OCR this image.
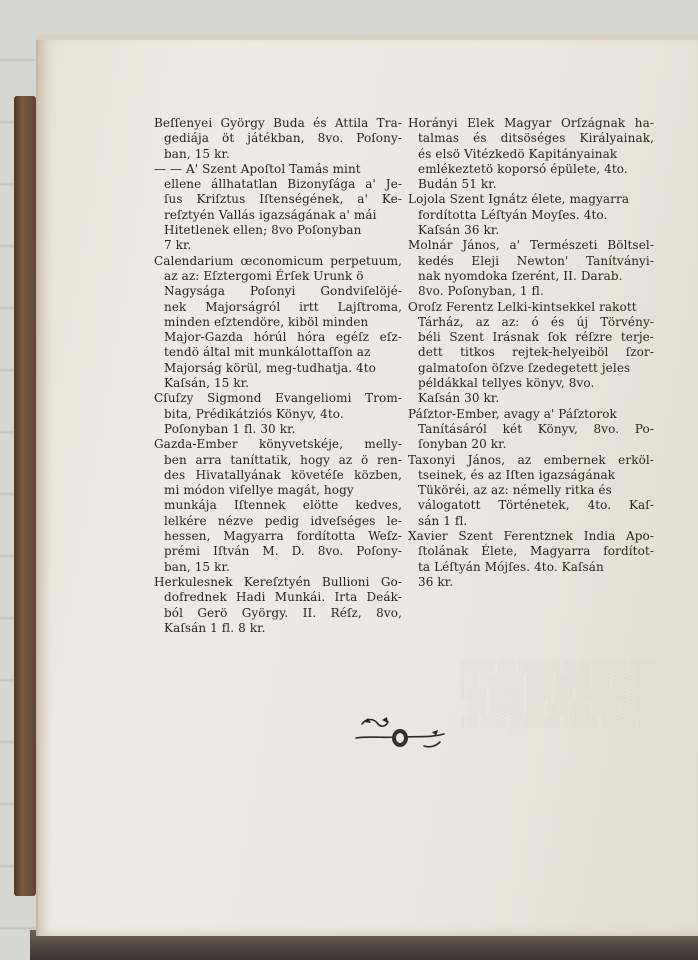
Beſſenyei György Buda és Attila Tra-
gediája öt játékban, 8vo. Poſony-
ban, 15 kr.
— — A' Szent Apoſtol Tamás mint
ellene állhatatlan Bizonyſága a' Je-
ſus Kriſztus Iſtenségének, a' Ke-
reſztyén Vallás igazságának a' mái
Hitetlenek ellen; 8vo Poſonyban
7 kr.
Calendarium œconomicum perpetuum,
az az: Eſztergomi Érſek Urunk ö
Nagysága Poſonyi Gondviſelöjé-
nek Majorságról irtt Lajſtroma,
minden eſztendöre, kiböl minden
Major-Gazda hórúl hóra egéſz eſz-
tendö által mit munkálottaſſon az
Majorság körül, meg-tudhatja. 4to
Kaſsán, 15 kr.
Cſuſzy Sigmond Evangeliomi Trom-
bita, Prédikátziós Könyv, 4to.
Poſonyban 1 fl. 30 kr.
Gazda-Ember könyvetskéje, melly-
ben arra taníttatik, hogy az ö ren-
des Hivatallyának követéſe közben,
mi módon viſellye magát, hogy
munkája Iſtennek elötte kedves,
lelkére nézve pedig idveſséges le-
hessen, Magyarra fordította Weſz-
prémi Iſtván M. D. 8vo. Poſony-
ban, 15 kr.
Herkulesnek Kereſztyén Bullioni Go-
dofrednek Hadi Munkái. Irta Deák-
ból Gerö György. II. Réſz, 8vo,
Kaſsán 1 fl. 8 kr.
Horányi Elek Magyar Orſzágnak ha-
talmas és ditsöséges Királyainak,
és elsö Vitézkedö Kapitányainak
emlékeztetö koporsó épülete, 4to.
Budán 51 kr.
Lojola Szent Ignátz élete, magyarra
fordította Léſtyán Moyſes. 4to.
Kaſsán 36 kr.
Molnár János, a' Természeti Böltsel-
kedés Eleji Newton' Tanítványi-
nak nyomdoka ſzerént, II. Darab.
8vo. Poſonyban, 1 fl.
Oroſz Ferentz Lelki-kintsekkel rakott
Tárház, az az: ó és új Törvény-
béli Szent Irásnak ſok réſzre terje-
dett titkos rejtek-helyeiböl ſzor-
galmatoſon öſzve ſzedegetett jeles
példákkal tellyes könyv, 8vo.
Kaſsán 30 kr.
Páſztor-Ember, avagy a' Páſztorok
Tanításáról két Könyv, 8vo. Po-
ſonyban 20 kr.
Taxonyi János, az embernek erköl-
tseinek, és az Iſten igazságának
Tüköréi, az az: némelly ritka és
válogatott Történetek, 4to. Kaſ-
sán 1 fl.
Xavier Szent Ferentznek India Apo-
ſtolának Élete, Magyarra fordítot-
ta Léſtyán Mójſes. 4to. Kaſsán
36 kr.
░░░ ░░░░ ░░░ ░░░░░ ░░ ░░░░
░░░░░ ░░ ░░░░ ░░░ ░░░░░ ░░
░░░ ░░░░░░ ░░ ░░░ ░░░░ ░░░
░░░░ ░░░ ░░░░░ ░░ ░░░░ ░░
░░ ░░░░ ░░░░ ░░░░░░ ░░░ ░░
